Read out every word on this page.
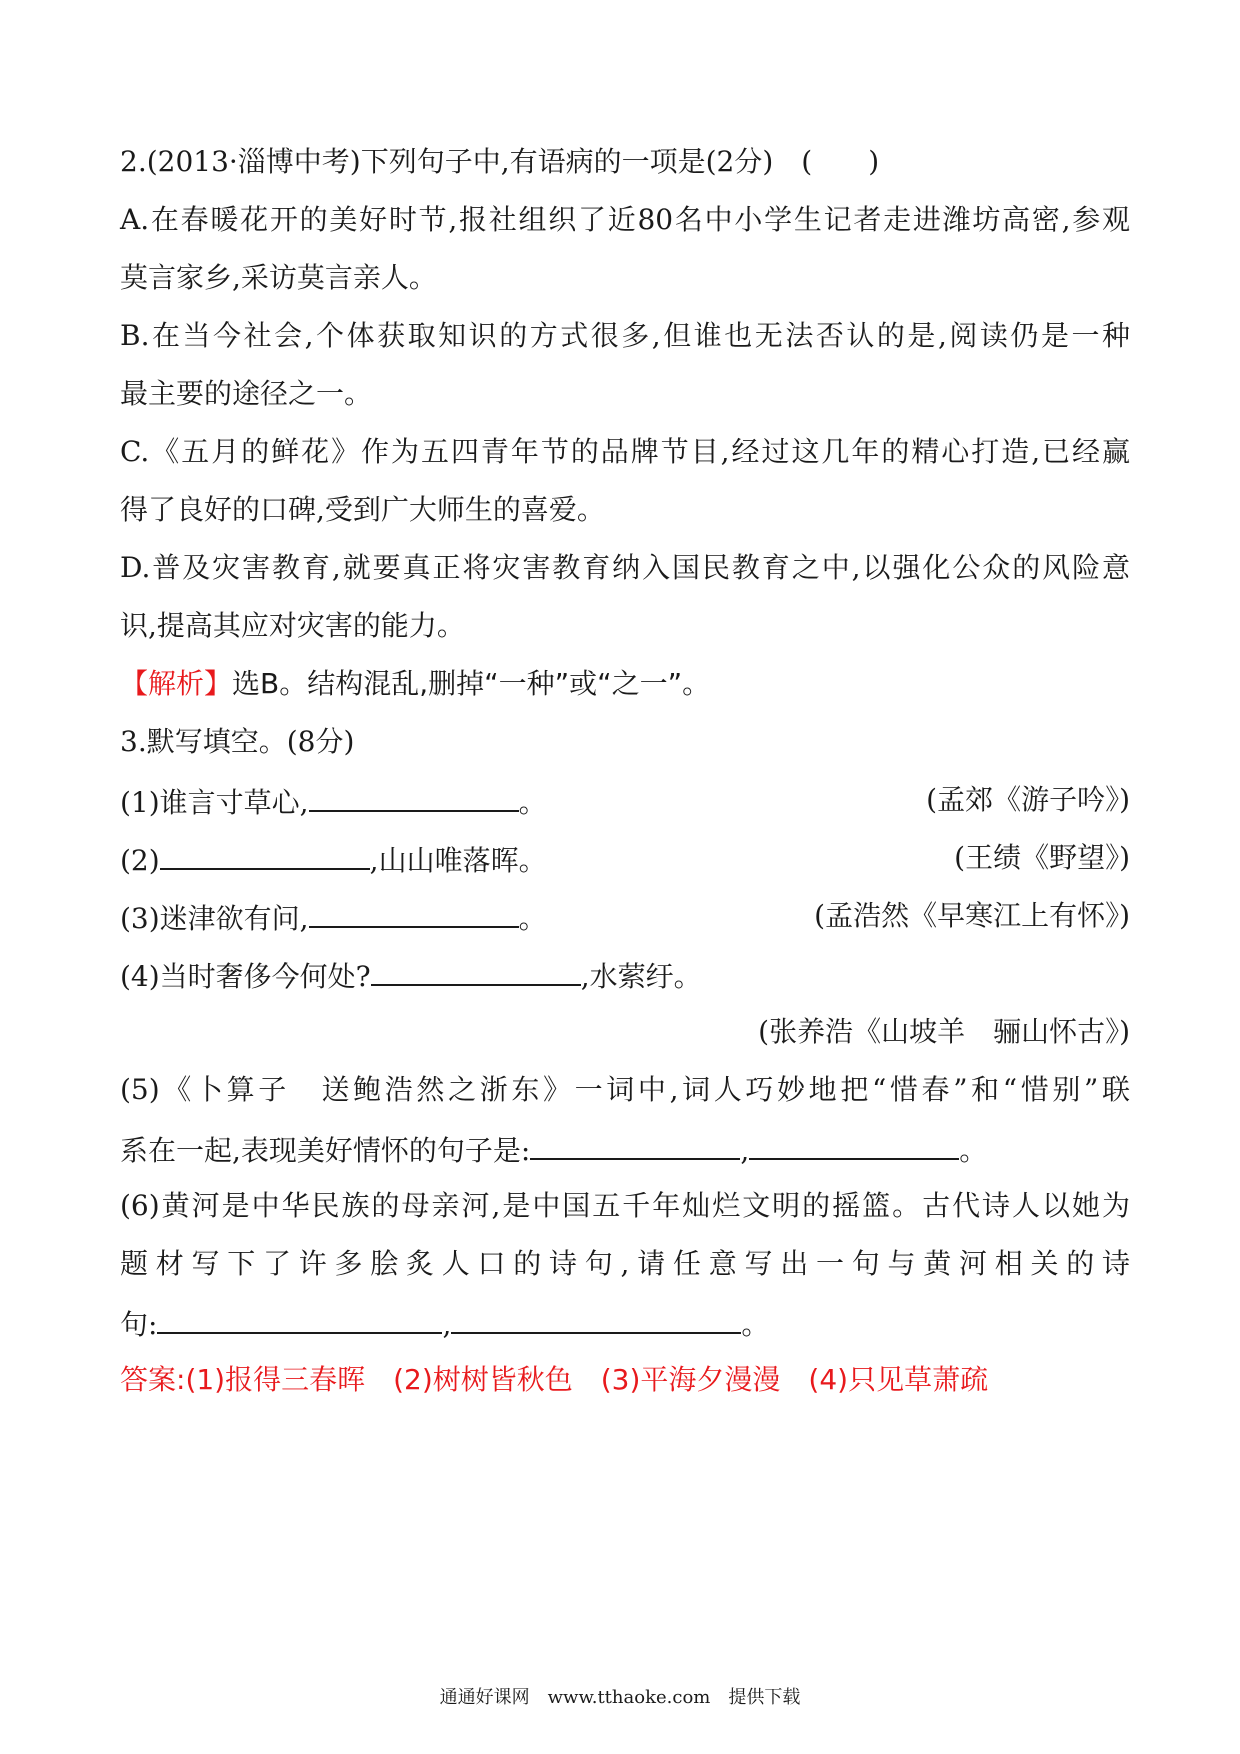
2.(2013·淄博中考)下列句子中,有语病的一项是(2分)　(　　)
A.在春暖花开的美好时节,报社组织了近80名中小学生记者走进潍坊高密,参观
莫言家乡,采访莫言亲人。
B.在当今社会,个体获取知识的方式很多,但谁也无法否认的是,阅读仍是一种
最主要的途径之一。
C.《五月的鲜花》作为五四青年节的品牌节目,经过这几年的精心打造,已经赢
得了良好的口碑,受到广大师生的喜爱。
D.普及灾害教育,就要真正将灾害教育纳入国民教育之中,以强化公众的风险意
识,提高其应对灾害的能力。
【解析】选B。结构混乱,删掉“一种”或“之一”。
3.默写填空。(8分)
(1)谁言寸草心,	。	(孟郊《游子吟》)
(2)	,山山唯落晖。	(王绩《野望》)
(3)迷津欲有问,	。	(孟浩然《早寒江上有怀》)
(4)当时奢侈今何处?	,水萦纡。
(张养浩《山坡羊　骊山怀古》)
(5)《卜算子　送鲍浩然之浙东》一词中,词人巧妙地把“惜春”和“惜别”联
系在一起,表现美好情怀的句子是:	,	。
(6)黄河是中华民族的母亲河,是中国五千年灿烂文明的摇篮。古代诗人以她为
题材写下了许多脍炙人口的诗句,请任意写出一句与黄河相关的诗
句:	,	。
答案:(1)报得三春晖　(2)树树皆秋色　(3)平海夕漫漫　(4)只见草萧疏
通通好课网　www.tthaoke.com　提供下载
